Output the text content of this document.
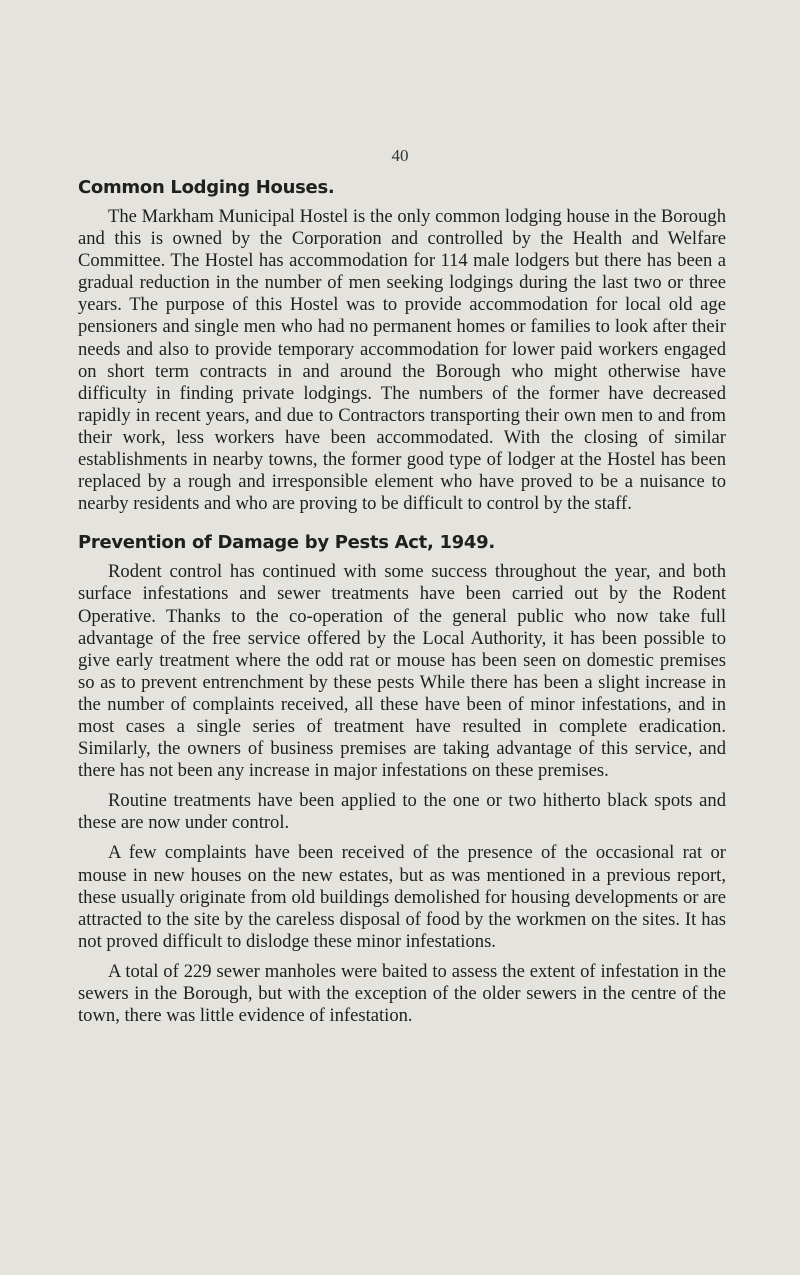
40
Common Lodging Houses.

The Markham Municipal Hostel is the only common lodging house in the Borough and this is owned by the Corporation and controlled by the Health and Welfare Committee. The Hostel has accommodation for 114 male lodgers but there has been a gradual reduction in the number of men seeking lodgings during the last two or three years. The purpose of this Hostel was to provide accommodation for local old age pensioners and single men who had no permanent homes or families to look after their needs and also to provide temporary accommodation for lower paid workers engaged on short term contracts in and around the Borough who might otherwise have difficulty in finding private lodgings. The numbers of the former have decreased rapidly in recent years, and due to Contractors transporting their own men to and from their work, less workers have been accommodated. With the closing of similar establishments in nearby towns, the former good type of lodger at the Hostel has been replaced by a rough and irresponsible element who have proved to be a nuisance to nearby residents and who are proving to be difficult to control by the staff.

Prevention of Damage by Pests Act, 1949.

Rodent control has continued with some success throughout the year, and both surface infestations and sewer treatments have been carried out by the Rodent Operative. Thanks to the co-operation of the general public who now take full advantage of the free service offered by the Local Authority, it has been possible to give early treatment where the odd rat or mouse has been seen on domestic premises so as to prevent entrenchment by these pests While there has been a slight increase in the number of complaints received, all these have been of minor infestations, and in most cases a single series of treatment have resulted in complete eradication. Similarly, the owners of business premises are taking advantage of this service, and there has not been any increase in major infestations on these premises.

Routine treatments have been applied to the one or two hitherto black spots and these are now under control.

A few complaints have been received of the presence of the occasional rat or mouse in new houses on the new estates, but as was mentioned in a previous report, these usually originate from old buildings demolished for housing developments or are attracted to the site by the careless disposal of food by the workmen on the sites. It has not proved difficult to dislodge these minor infestations.

A total of 229 sewer manholes were baited to assess the extent of infestation in the sewers in the Borough, but with the exception of the older sewers in the centre of the town, there was little evidence of infestation.
